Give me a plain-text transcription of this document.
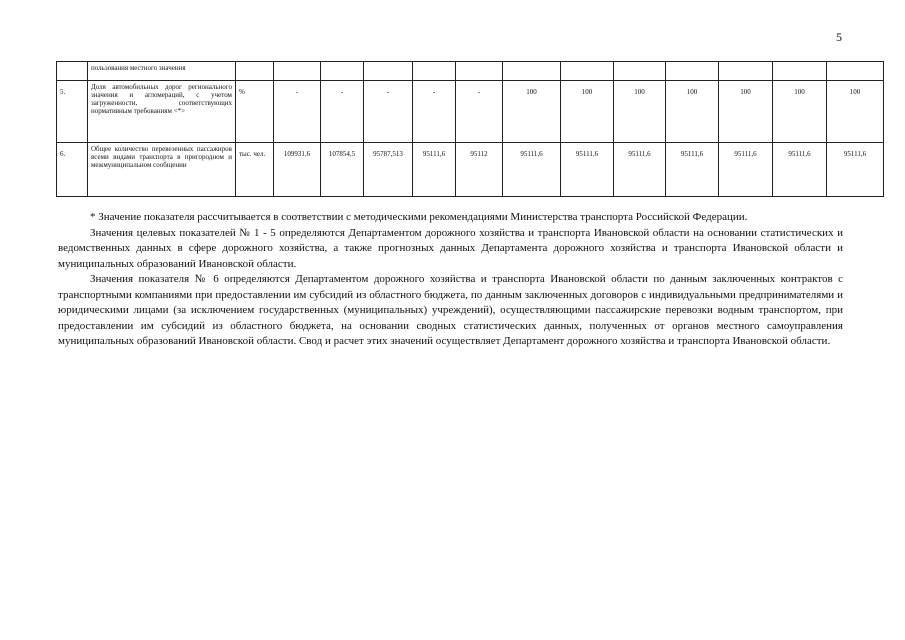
5
	пользования местного значения													
5.	Доля автомобильных дорог регионального значения и агломераций, с учетом загруженности, соответствующих нормативным требованиям <*>	%	-	-	-	-	-	100	100	100	100	100	100	100
6.	Общее количество перевезенных пассажиров всеми видами транспорта в пригородном и межмуниципальном сообщении	тыс. чел.	109931,6	107854,5	95787,513	95111,6	95112	95111,6	95111,6	95111,6	95111,6	95111,6	95111,6	95111,6

* Значение показателя рассчитывается в соответствии с методическими рекомендациями Министерства транспорта Российской Федерации.

Значения целевых показателей № 1 - 5 определяются Департаментом дорожного хозяйства и транспорта Ивановской области на основании статистических и ведомственных данных в сфере дорожного хозяйства, а также прогнозных данных Департамента дорожного хозяйства и транспорта Ивановской области и муниципальных образований Ивановской области.

Значения показателя № 6 определяются Департаментом дорожного хозяйства и транспорта Ивановской области по данным заключенных контрактов с транспортными компаниями при предоставлении им субсидий из областного бюджета, по данным заключенных договоров с индивидуальными предпринимателями и юридическими лицами (за исключением государственных (муниципальных) учреждений), осуществляющими пассажирские перевозки водным транспортом, при предоставлении им субсидий из областного бюджета, на основании сводных статистических данных, полученных от органов местного самоуправления муниципальных образований Ивановской области. Свод и расчет этих значений осуществляет Департамент дорожного хозяйства и транспорта Ивановской области.
